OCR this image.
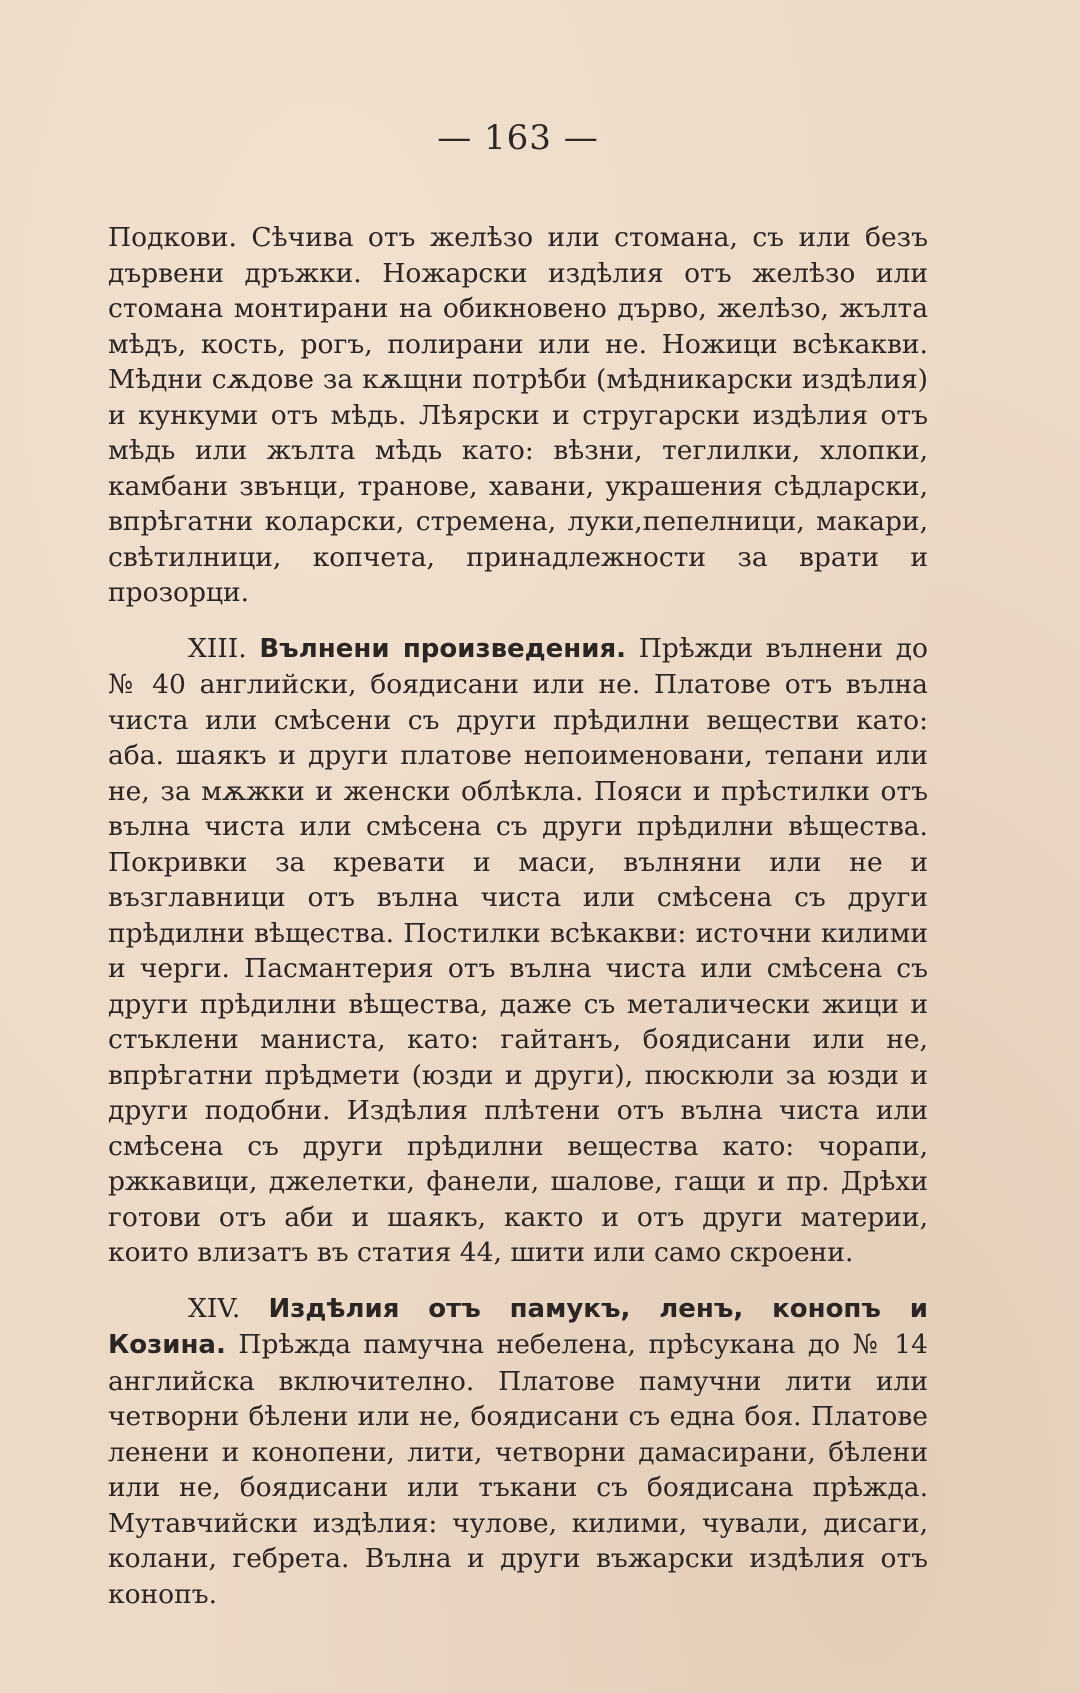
— 163 —

Подкови. Сѣчива отъ желѣзо или стомана, съ или безъ дървени дръжки. Ножарски издѣлия отъ желѣзо или стомана монтирани на обикновено дърво, желѣзо, жълта мѣдъ, кость, рогъ, полирани или не. Ножици всѣкакви. Мѣдни сѫдове за кѫщни потрѣби (мѣдникарски издѣлия) и кункуми отъ мѣдь. Лѣярски и стругарски издѣлия отъ мѣдь или жълта мѣдь като: вѣзни, теглилки, хлопки, камбани звънци, транове, хавани, украшения сѣдларски, впрѣгатни коларски, стремена, луки,пепелници, макари, свѣтилници, копчета, принадлежности за врати и прозорци.

XIII. Вълнени произведения. Прѣжди вълнени до № 40 английски, боядисани или не. Платове отъ вълна чиста или смѣсени съ други прѣдилни веществи като: аба. шаякъ и други платове непоименовани, тепани или не, за мѫжки и женски облѣкла. Пояси и прѣстилки отъ вълна чиста или смѣсена съ други прѣдилни вѣщества. Покривки за кревати и маси, вълняни или не и възглавници отъ вълна чиста или смѣсена съ други прѣдилни вѣщества. Постилки всѣкакви: источни килими и черги. Пасмантерия отъ вълна чиста или смѣсена съ други прѣдилни вѣщества, даже съ металически жици и стъклени маниста, като: гайтанъ, боядисани или не, впрѣгатни прѣдмети (юзди и други), пюскюли за юзди и други подобни. Издѣлия плѣтени отъ вълна чиста или смѣсена съ други прѣдилни вещества като: чорапи, ржкавици, джелетки, фанели, шалове, гащи и пр. Дрѣхи готови отъ аби и шаякъ, както и отъ други материи, които влизатъ въ статия 44, шити или само скроени.

XIV. Издѣлия отъ памукъ, ленъ, конопъ и Козина. Прѣжда памучна небелена, прѣсукана до № 14 английска включително. Платове памучни лити или четворни бѣлени или не, боядисани съ една боя. Платове ленени и конопени, лити, четворни дамасирани, бѣлени или не, боядисани или тъкани съ боядисана прѣжда. Мутавчийски издѣлия: чулове, килими, чували, дисаги, колани, гебрета. Вълна и други въжарски издѣлия отъ конопъ.
